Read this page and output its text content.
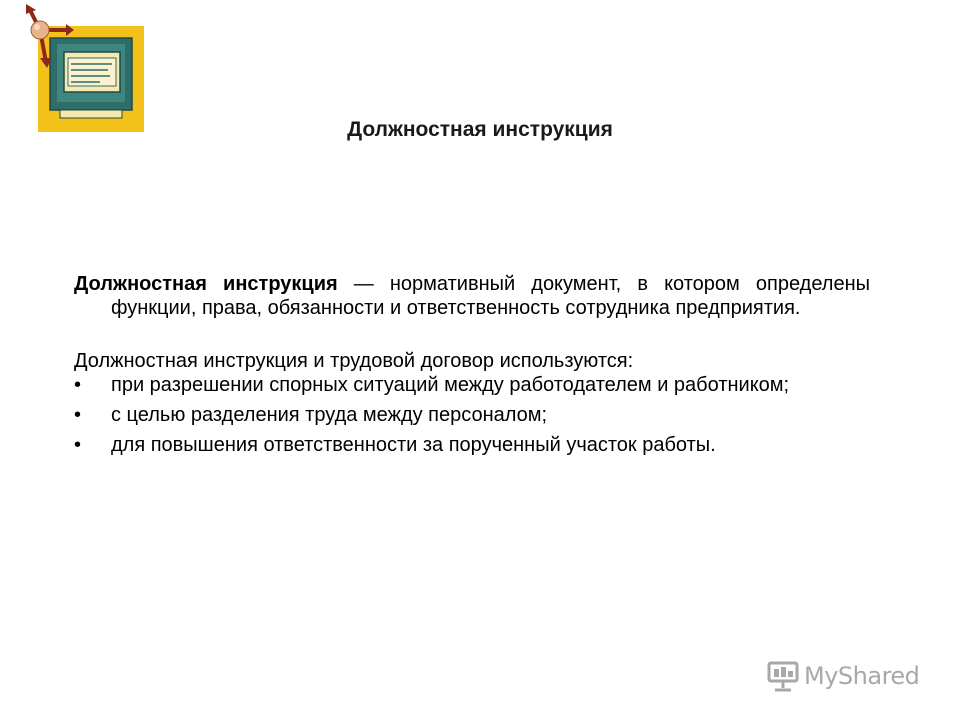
Должностная инструкция

Должностная инструкция — нормативный документ, в котором определены функции, права, обязанности и ответственность сотрудника предприятия.

Должностная инструкция и трудовой договор используются:

• при разрешении спорных ситуаций между работодателем и работником;
• с целью разделения труда между персоналом;
• для повышения ответственности за порученный участок работы.
MyShared
